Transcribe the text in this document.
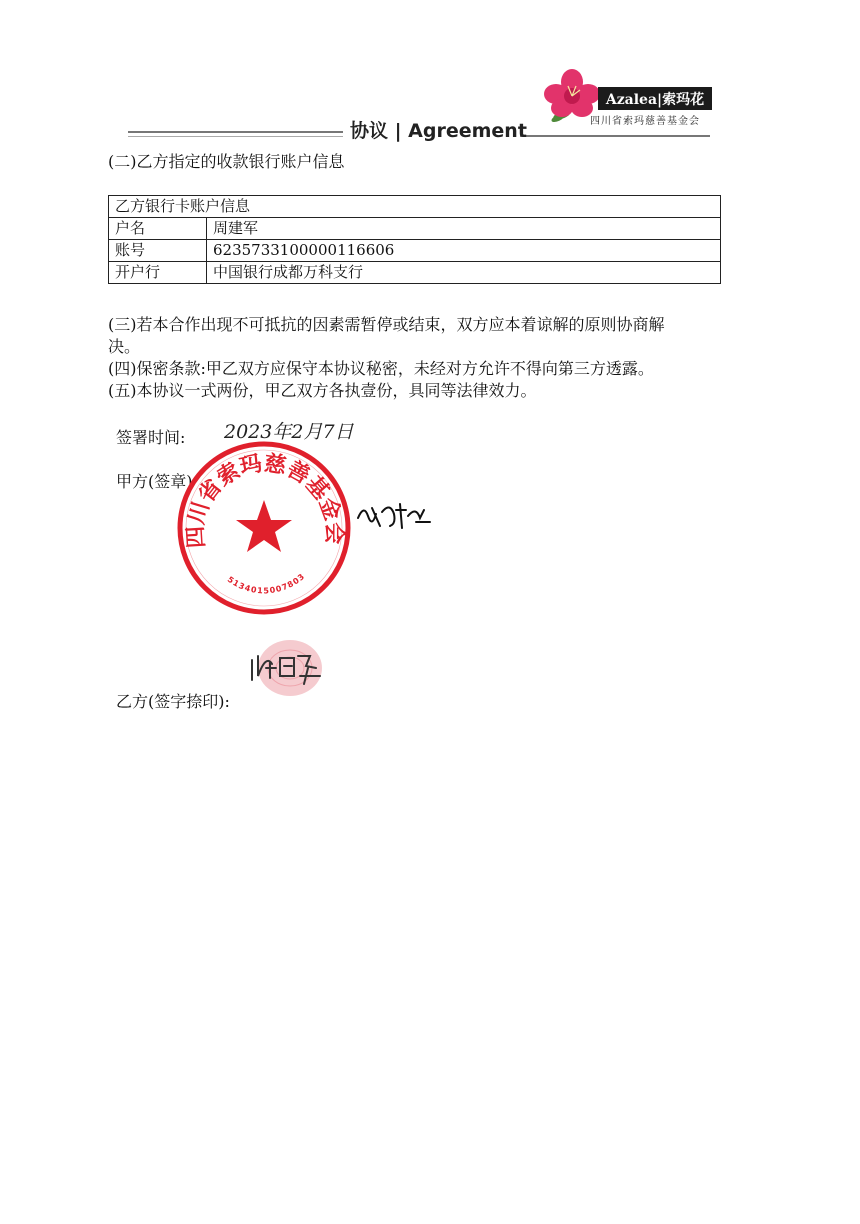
协议 | Agreement
Azalea|索玛花
四川省索玛慈善基金会
(二)乙方指定的收款银行账户信息
乙方银行卡账户信息	
户名	周建军
账号	6235733100000116606
开户行	中国银行成都万科支行
(三)若本合作出现不可抵抗的因素需暂停或结束，双方应本着谅解的原则协商解
决。
(四)保密条款:甲乙双方应保守本协议秘密，未经对方允许不得向第三方透露。
(五)本协议一式两份，甲乙双方各执壹份，具同等法律效力。
签署时间: 2023年2月7日
甲方(签章)
四川省索玛慈善基金会
5134015007803
乙方(签字捺印):
